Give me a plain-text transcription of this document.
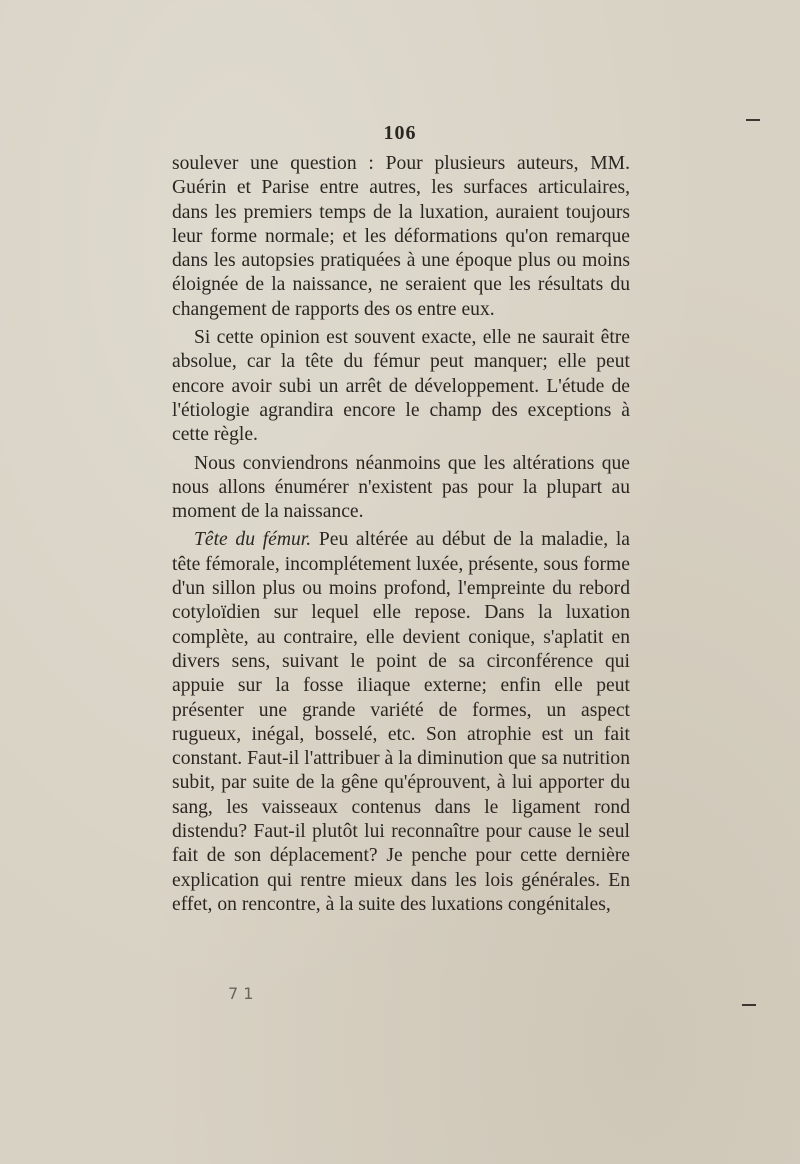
106

soulever une question : Pour plusieurs auteurs, MM. Guérin et Parise entre autres, les surfaces articulaires, dans les premiers temps de la luxation, auraient toujours leur forme normale; et les déformations qu'on remarque dans les autopsies pratiquées à une époque plus ou moins éloignée de la naissance, ne seraient que les résultats du changement de rapports des os entre eux.

Si cette opinion est souvent exacte, elle ne saurait être absolue, car la tête du fémur peut manquer; elle peut encore avoir subi un arrêt de développement. L'étude de l'étiologie agrandira encore le champ des exceptions à cette règle.

Nous conviendrons néanmoins que les altérations que nous allons énumérer n'existent pas pour la plupart au moment de la naissance.

Tête du fémur. Peu altérée au début de la maladie, la tête fémorale, incomplétement luxée, présente, sous forme d'un sillon plus ou moins profond, l'empreinte du rebord cotyloïdien sur lequel elle repose. Dans la luxation complète, au contraire, elle devient conique, s'aplatit en divers sens, suivant le point de sa circonférence qui appuie sur la fosse iliaque externe; enfin elle peut présenter une grande variété de formes, un aspect rugueux, inégal, bosselé, etc. Son atrophie est un fait constant. Faut-il l'attribuer à la diminution que sa nutrition subit, par suite de la gêne qu'éprouvent, à lui apporter du sang, les vaisseaux contenus dans le ligament rond distendu? Faut-il plutôt lui reconnaître pour cause le seul fait de son déplacement? Je penche pour cette dernière explication qui rentre mieux dans les lois générales. En effet, on rencontre, à la suite des luxations congénitales,

7 1
